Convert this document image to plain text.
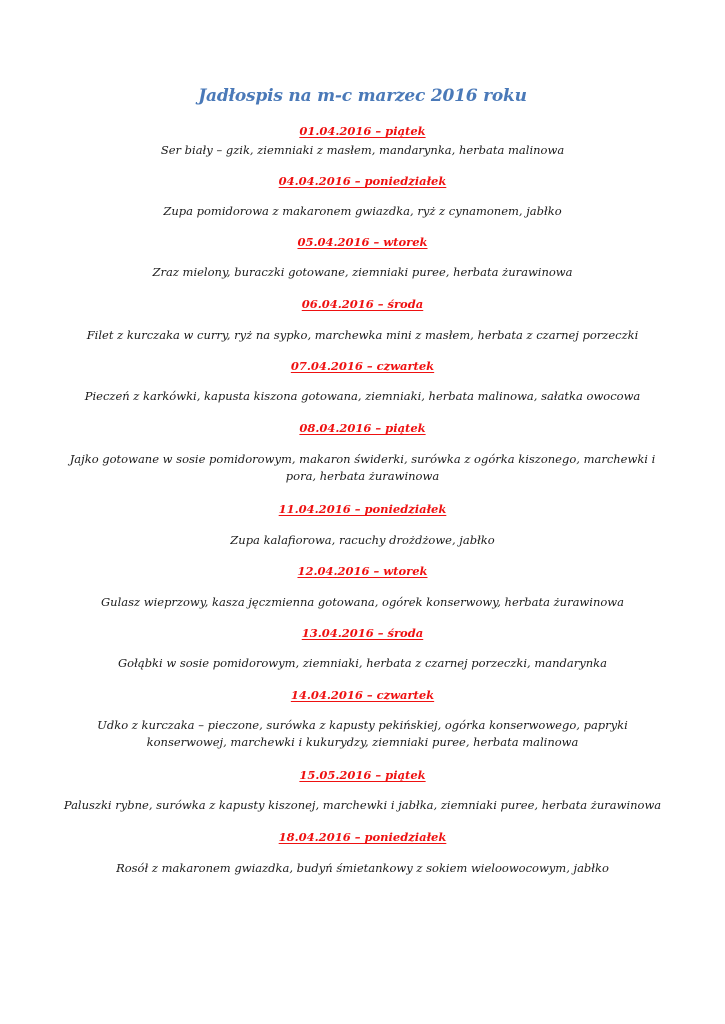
Jadłospis na m-c marzec 2016 roku
01.04.2016 – piątek
Ser biały – gzik, ziemniaki z masłem, mandarynka, herbata malinowa
04.04.2016 – poniedziałek
Zupa pomidorowa z makaronem gwiazdka, ryż z cynamonem, jabłko
05.04.2016 – wtorek
Zraz mielony, buraczki gotowane, ziemniaki puree, herbata żurawinowa
06.04.2016 – środa
Filet z kurczaka w curry, ryż na sypko, marchewka mini z masłem, herbata z czarnej porzeczki
07.04.2016 – czwartek
Pieczeń z karkówki, kapusta kiszona gotowana, ziemniaki, herbata malinowa, sałatka owocowa
08.04.2016 – piątek
Jajko gotowane w sosie pomidorowym, makaron świderki, surówka z ogórka kiszonego, marchewki i pora, herbata żurawinowa
11.04.2016 – poniedziałek
Zupa kalafiorowa, racuchy drożdżowe, jabłko
12.04.2016 – wtorek
Gulasz wieprzowy, kasza jęczmienna gotowana, ogórek konserwowy, herbata żurawinowa
13.04.2016 – środa
Gołąbki w sosie pomidorowym, ziemniaki, herbata z czarnej porzeczki, mandarynka
14.04.2016 – czwartek
Udko z kurczaka – pieczone, surówka z kapusty pekińskiej, ogórka konserwowego, papryki konserwowej, marchewki i kukurydzy, ziemniaki puree, herbata malinowa
15.05.2016 – piątek
Paluszki rybne, surówka z kapusty kiszonej, marchewki i jabłka, ziemniaki puree, herbata żurawinowa
18.04.2016 – poniedziałek
Rosół z makaronem gwiazdka, budyń śmietankowy z sokiem wieloowocowym, jabłko
